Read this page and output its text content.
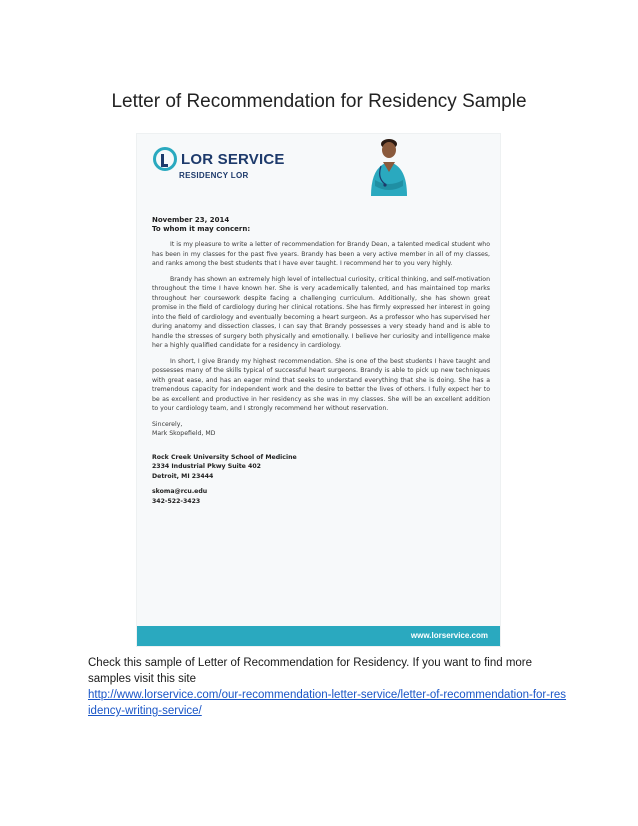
Letter of Recommendation for Residency Sample
LOR SERVICE
RESIDENCY LOR
November 23, 2014
To whom it may concern:
It is my pleasure to write a letter of recommendation for Brandy Dean, a talented medical student who has been in my classes for the past five years. Brandy has been a very active member in all of my classes, and ranks among the best students that I have ever taught. I recommend her to you very highly.
Brandy has shown an extremely high level of intellectual curiosity, critical thinking, and self-motivation throughout the time I have known her. She is very academically talented, and has maintained top marks throughout her coursework despite facing a challenging curriculum. Additionally, she has shown great promise in the field of cardiology during her clinical rotations. She has firmly expressed her interest in going into the field of cardiology and eventually becoming a heart surgeon. As a professor who has supervised her during anatomy and dissection classes, I can say that Brandy possesses a very steady hand and is able to handle the stresses of surgery both physically and emotionally. I believe her curiosity and intelligence make her a highly qualified candidate for a residency in cardiology.
In short, I give Brandy my highest recommendation. She is one of the best students I have taught and possesses many of the skills typical of successful heart surgeons. Brandy is able to pick up new techniques with great ease, and has an eager mind that seeks to understand everything that she is doing. She has a tremendous capacity for independent work and the desire to better the lives of others. I fully expect her to be as excellent and productive in her residency as she was in my classes. She will be an excellent addition to your cardiology team, and I strongly recommend her without reservation.
Sincerely,
Mark Skopefield, MD
Rock Creek University School of Medicine
2334 Industrial Pkwy Suite 402
Detroit, MI 23444
skoma@rcu.edu
342-522-3423
www.lorservice.com
Check this sample of Letter of Recommendation for Residency. If you want to find more samples visit this site
http://www.lorservice.com/our-recommendation-letter-service/letter-of-recommendation-for-residency-writing-service/
